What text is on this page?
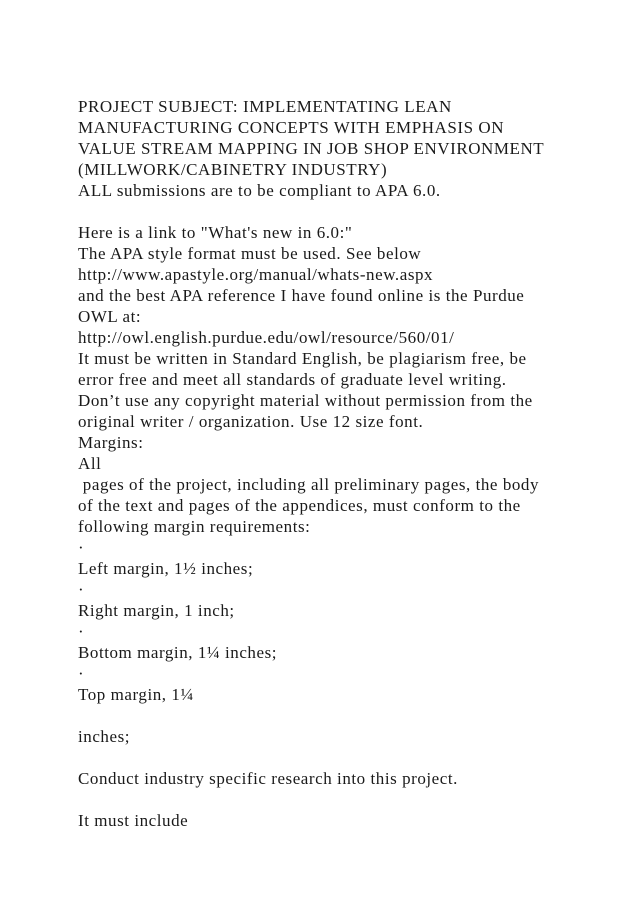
PROJECT SUBJECT: IMPLEMENTATING LEAN
MANUFACTURING CONCEPTS WITH EMPHASIS ON
VALUE STREAM MAPPING IN JOB SHOP ENVIRONMENT
(MILLWORK/CABINETRY INDUSTRY)
ALL submissions are to be compliant to APA 6.0.
Here is a link to "What's new in 6.0:"
The APA style format must be used. See below
http://www.apastyle.org/manual/whats-new.aspx
and the best APA reference I have found online is the Purdue
OWL at:
http://owl.english.purdue.edu/owl/resource/560/01/
It must be written in Standard English, be plagiarism free, be
error free and meet all standards of graduate level writing.
Don’t use any copyright material without permission from the
original writer / organization. Use 12 size font.
Margins:
All
pages of the project, including all preliminary pages, the body
of the text and pages of the appendices, must conform to the
following margin requirements:
·
Left margin, 1½ inches;
·
Right margin, 1 inch;
·
Bottom margin, 1¼ inches;
·
Top margin, 1¼
inches;
Conduct industry specific research into this project.
It must include
